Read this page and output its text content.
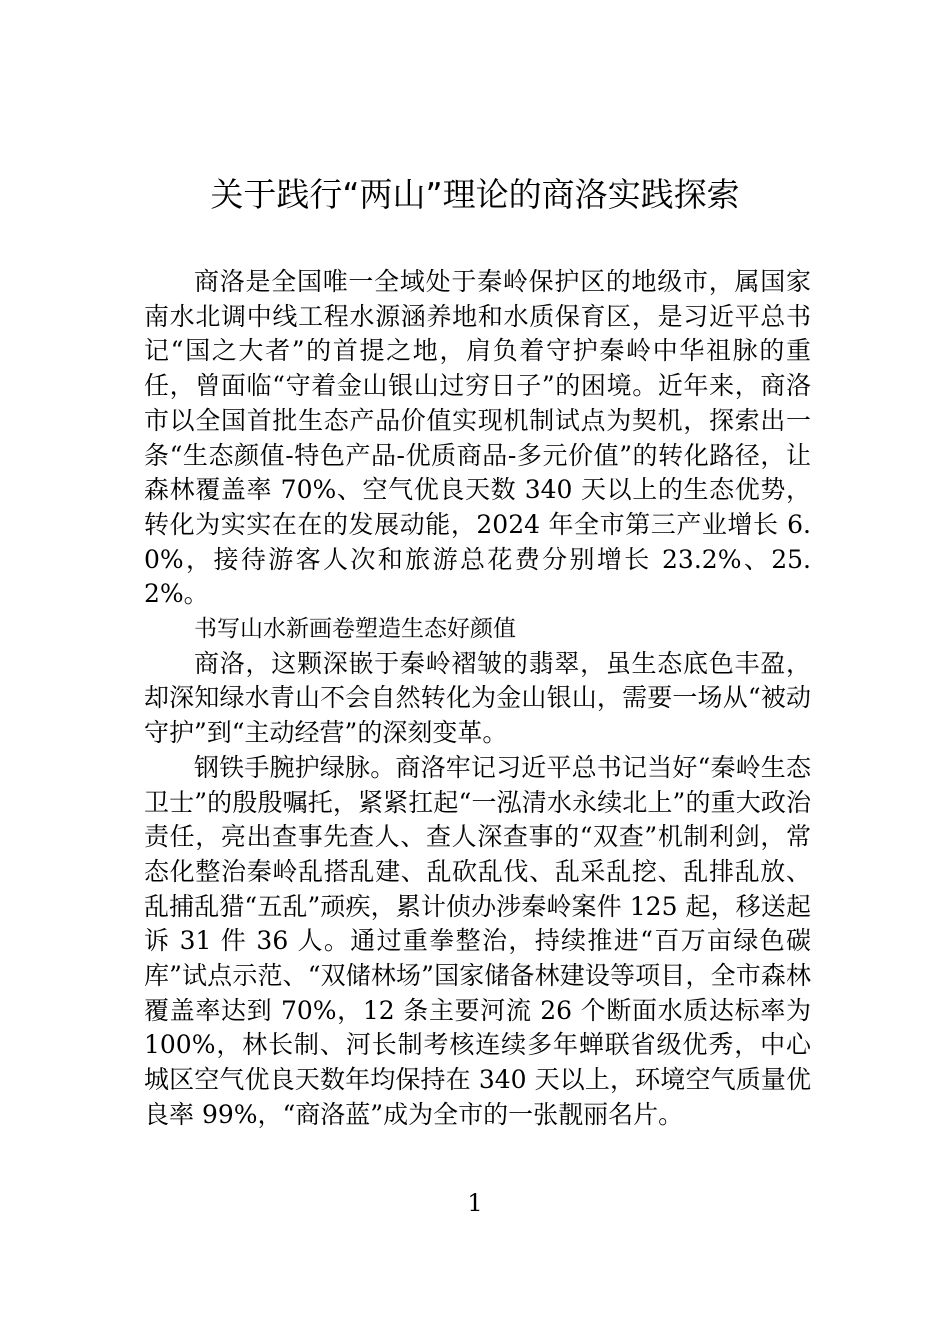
关于践行“两山”理论的商洛实践探索

商洛是全国唯一全域处于秦岭保护区的地级市，属国家南水北调中线工程水源涵养地和水质保育区，是习近平总书记“国之大者”的首提之地，肩负着守护秦岭中华祖脉的重任，曾面临“守着金山银山过穷日子”的困境。近年来，商洛市以全国首批生态产品价值实现机制试点为契机，探索出一条“生态颜值-特色产品-优质商品-多元价值”的转化路径，让森林覆盖率 70%、空气优良天数 340 天以上的生态优势，转化为实实在在的发展动能，2024 年全市第三产业增长 6.0%，接待游客人次和旅游总花费分别增长 23.2%、25.2%。

书写山水新画卷塑造生态好颜值

商洛，这颗深嵌于秦岭褶皱的翡翠，虽生态底色丰盈，却深知绿水青山不会自然转化为金山银山，需要一场从“被动守护”到“主动经营”的深刻变革。

钢铁手腕护绿脉。商洛牢记习近平总书记当好“秦岭生态卫士”的殷殷嘱托，紧紧扛起“一泓清水永续北上”的重大政治责任，亮出查事先查人、查人深查事的“双查”机制利剑，常态化整治秦岭乱搭乱建、乱砍乱伐、乱采乱挖、乱排乱放、乱捕乱猎“五乱”顽疾，累计侦办涉秦岭案件 125 起，移送起诉 31 件 36 人。通过重拳整治，持续推进“百万亩绿色碳库”试点示范、“双储林场”国家储备林建设等项目，全市森林覆盖率达到 70%，12 条主要河流 26 个断面水质达标率为 100%，林长制、河长制考核连续多年蝉联省级优秀，中心城区空气优良天数年均保持在 340 天以上，环境空气质量优良率 99%，“商洛蓝”成为全市的一张靓丽名片。

1
